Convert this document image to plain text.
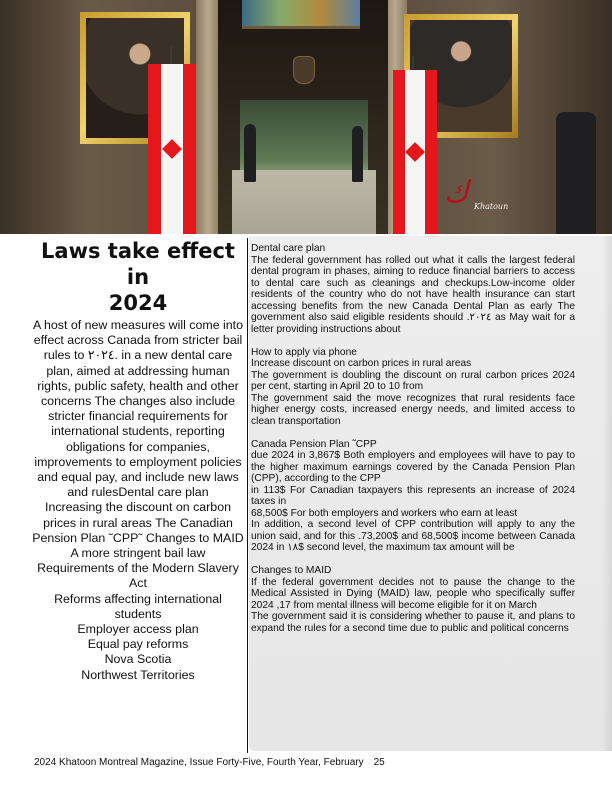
ك Khatoun
Laws take effect
in
2024

A host of new measures will come into effect across Canada from stricter bail rules to ٢٠٢٤. in a new dental care plan, aimed at addressing human rights, public safety, health and other concerns The changes also include stricter financial requirements for international students, reporting obligations for companies, improvements to employment policies and equal pay, and include new laws and rulesDental care plan

Increasing the discount on carbon prices in rural areas The Canadian Pension Plan ˜CPP˜ Changes to MAID
A more stringent bail law
Requirements of the Modern Slavery Act
Reforms affecting international students
Employer access plan
Equal pay reforms
Nova Scotia
Northwest Territories

Dental care plan

The federal government has rolled out what it calls the largest federal dental program in phases, aiming to reduce financial barriers to access to dental care such as cleanings and checkups.Low-income older residents of the country who do not have health insurance can start accessing benefits from the new Canada Dental Plan as early The government also said eligible residents should .٢٠٢٤ as May wait for a letter providing instructions about

How to apply via phone

Increase discount on carbon prices in rural areas

The government is doubling the discount on rural carbon prices 2024 per cent, starting in April 20 to 10 from

The government said the move recognizes that rural residents face higher energy costs, increased energy needs, and limited access to clean transportation

Canada Pension Plan ˜CPP

due 2024 in 3,867$ Both employers and employees will have to pay to the higher maximum earnings covered by the Canada Pension Plan (CPP), according to the CPP

in 113$ For Canadian taxpayers this represents an increase of 2024 taxes in

68,500$ For both employers and workers who earn at least

In addition, a second level of CPP contribution will apply to any the union said, and for this .73,200$ and 68,500$ income between Canada 2024 in ١٨$ second level, the maximum tax amount will be

Changes to MAID

If the federal government decides not to pause the change to the Medical Assisted in Dying (MAID) law, people who specifically suffer 2024 ,17 from mental illness will become eligible for it on March

The government said it is considering whether to pause it, and plans to expand the rules for a second time due to public and political concerns

2024 Khatoon Montreal Magazine, Issue Forty-Five, Fourth Year, February 25
